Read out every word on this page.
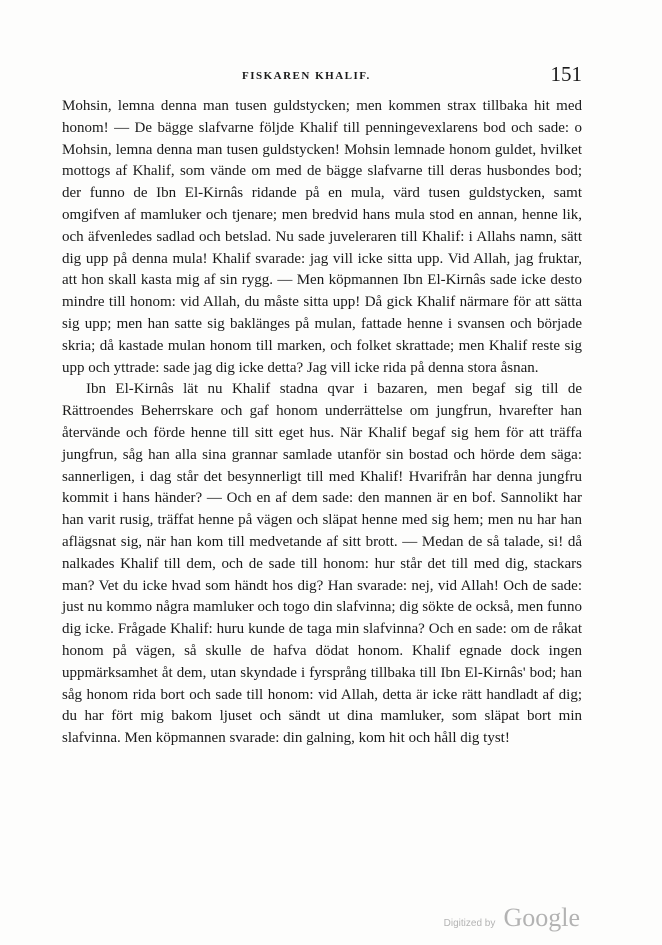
FISKAREN KHALIF.	151

Mohsin, lemna denna man tusen guldstycken; men kommen strax tillbaka hit med honom! — De bägge slafvarne följde Khalif till penningevexlarens bod och sade: o Mohsin, lemna denna man tusen guldstycken! Mohsin lemnade honom guldet, hvilket mottogs af Khalif, som vände om med de bägge slafvarne till deras husbondes bod; der funno de Ibn El-Kirnâs ridande på en mula, värd tusen guldstycken, samt omgifven af mamluker och tjenare; men bredvid hans mula stod en annan, henne lik, och äfvenledes sadlad och betslad. Nu sade juveleraren till Khalif: i Allahs namn, sätt dig upp på denna mula! Khalif svarade: jag vill icke sitta upp. Vid Allah, jag fruktar, att hon skall kasta mig af sin rygg. — Men köpmannen Ibn El-Kirnâs sade icke desto mindre till honom: vid Allah, du måste sitta upp! Då gick Khalif närmare för att sätta sig upp; men han satte sig baklänges på mulan, fattade henne i svansen och började skria; då kastade mulan honom till marken, och folket skrattade; men Khalif reste sig upp och yttrade: sade jag dig icke detta? Jag vill icke rida på denna stora åsnan.

Ibn El-Kirnâs lät nu Khalif stadna qvar i bazaren, men begaf sig till de Rättroendes Beherrskare och gaf honom underrättelse om jungfrun, hvarefter han återvände och förde henne till sitt eget hus. När Khalif begaf sig hem för att träffa jungfrun, såg han alla sina grannar samlade utanför sin bostad och hörde dem säga: sannerligen, i dag står det besynnerligt till med Khalif! Hvarifrån har denna jungfru kommit i hans händer? — Och en af dem sade: den mannen är en bof. Sannolikt har han varit rusig, träffat henne på vägen och släpat henne med sig hem; men nu har han aflägsnat sig, när han kom till medvetande af sitt brott. — Medan de så talade, si! då nalkades Khalif till dem, och de sade till honom: hur står det till med dig, stackars man? Vet du icke hvad som händt hos dig? Han svarade: nej, vid Allah! Och de sade: just nu kommo några mamluker och togo din slafvinna; dig sökte de också, men funno dig icke. Frågade Khalif: huru kunde de taga min slafvinna? Och en sade: om de råkat honom på vägen, så skulle de hafva dödat honom. Khalif egnade dock ingen uppmärksamhet åt dem, utan skyndade i fyrsprång tillbaka till Ibn El-Kirnâs' bod; han såg honom rida bort och sade till honom: vid Allah, detta är icke rätt handladt af dig; du har fört mig bakom ljuset och sändt ut dina mamluker, som släpat bort min slafvinna. Men köpmannen svarade: din galning, kom hit och håll dig tyst!

Digitized by Google
